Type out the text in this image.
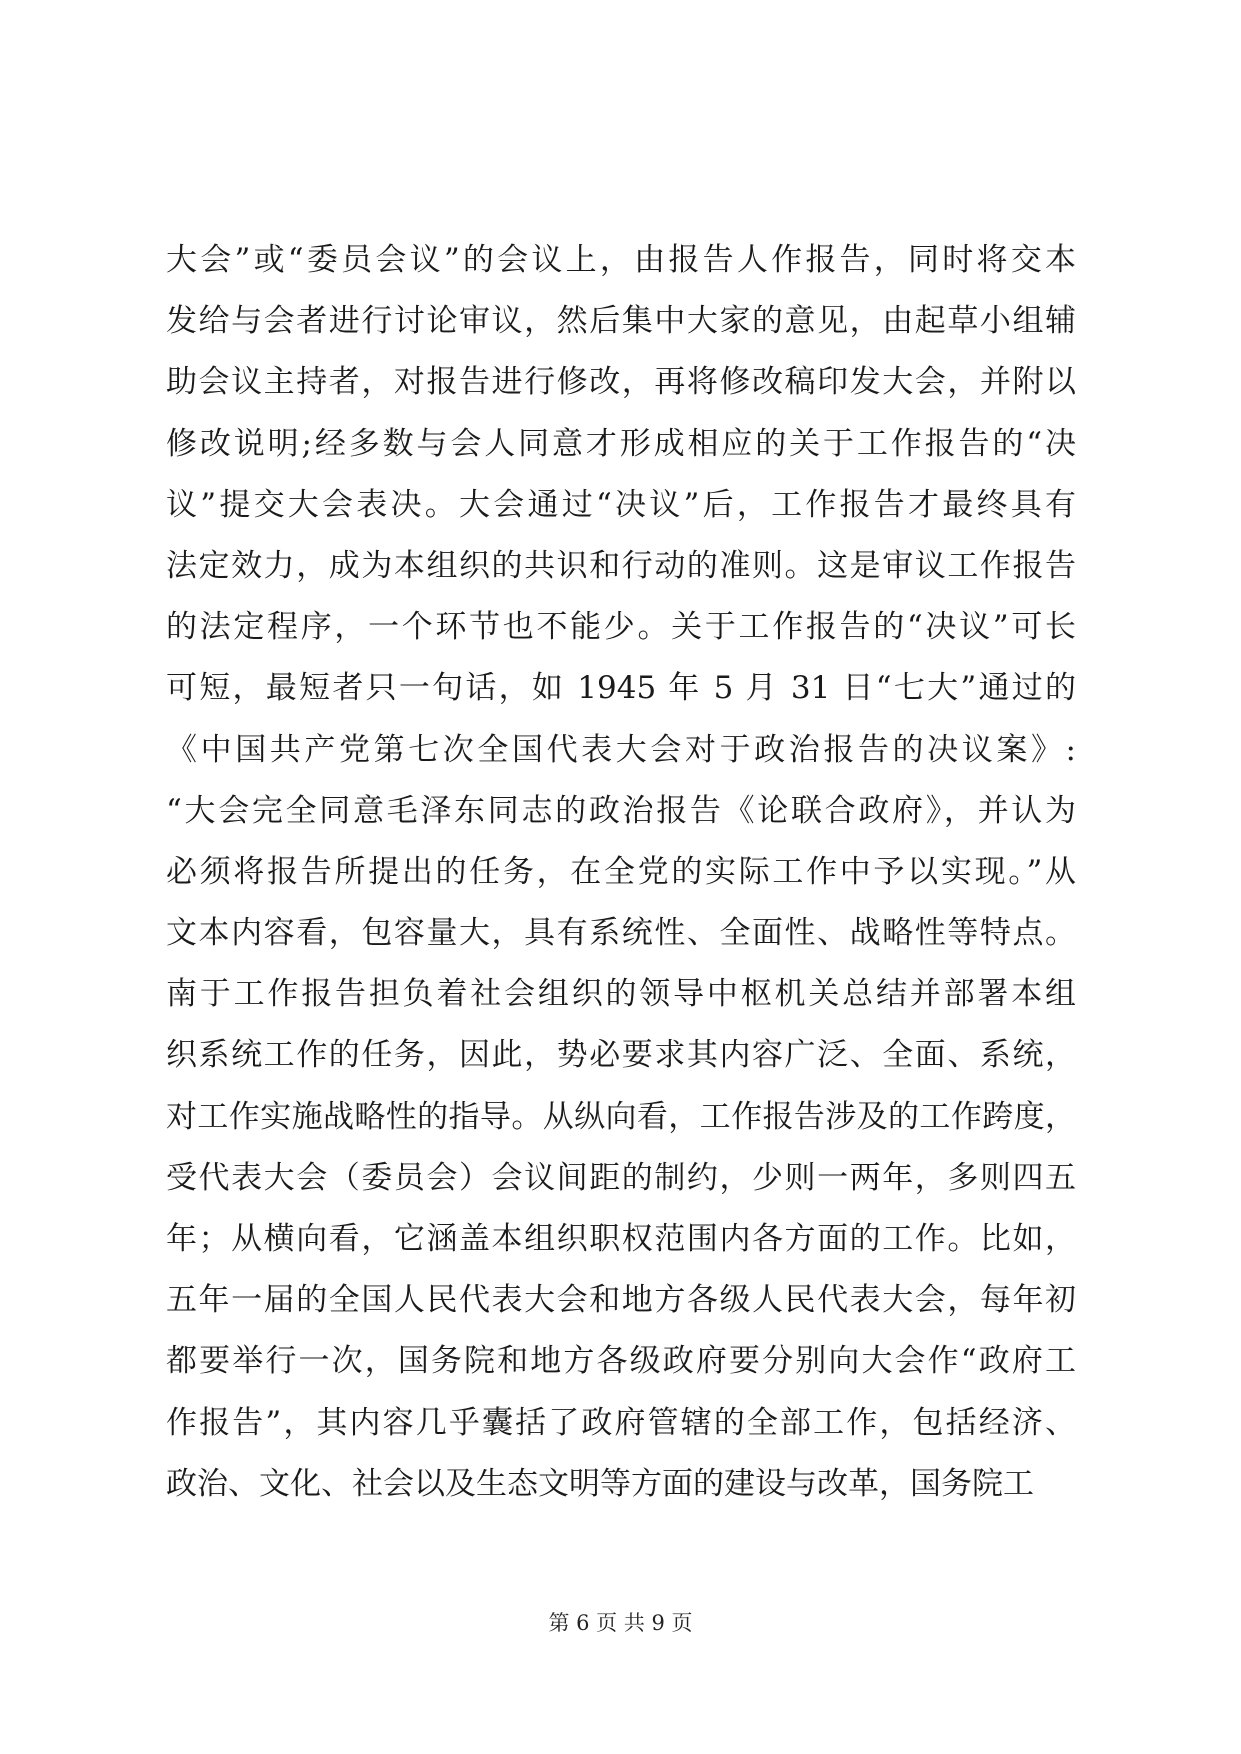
大会”或“委员会议”的会议上，由报告人作报告，同时将交本
发给与会者进行讨论审议，然后集中大家的意见，由起草小组辅
助会议主持者，对报告进行修改，再将修改稿印发大会，并附以
修改说明;经多数与会人同意才形成相应的关于工作报告的“决
议”提交大会表决。大会通过“决议”后，工作报告才最终具有
法定效力，成为本组织的共识和行动的准则。这是审议工作报告
的法定程序，一个环节也不能少。关于工作报告的“决议”可长
可短，最短者只一句话，如 1945 年 5 月 31 日“七大”通过的
《中国共产党第七次全国代表大会对于政治报告的决议案》:
“大会完全同意毛泽东同志的政治报告《论联合政府》，并认为
必须将报告所提出的任务，在全党的实际工作中予以实现。”从
文本内容看，包容量大，具有系统性、全面性、战略性等特点。
南于工作报告担负着社会组织的领导中枢机关总结并部署本组
织系统工作的任务，因此，势必要求其内容广泛、全面、系统，
对工作实施战略性的指导。从纵向看，工作报告涉及的工作跨度，
受代表大会（委员会）会议间距的制约，少则一两年，多则四五
年；从横向看，它涵盖本组织职权范围内各方面的工作。比如，
五年一届的全国人民代表大会和地方各级人民代表大会，每年初
都要举行一次，国务院和地方各级政府要分别向大会作“政府工
作报告”，其内容几乎囊括了政府管辖的全部工作，包括经济、
政治、文化、社会以及生态文明等方面的建设与改革，国务院工
第 6 页 共 9 页
